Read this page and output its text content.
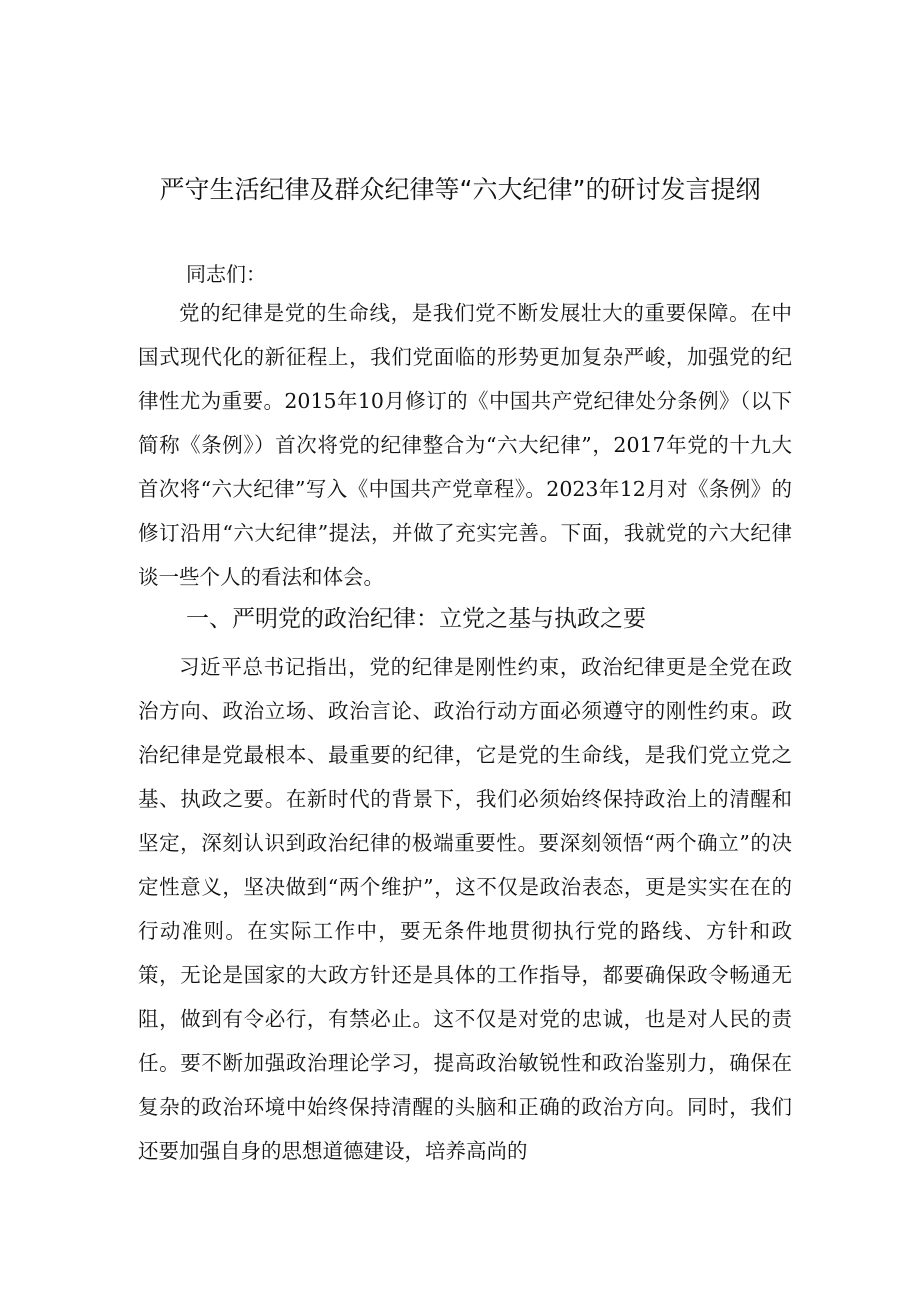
严守生活纪律及群众纪律等“六大纪律”的研讨发言提纲

同志们：

党的纪律是党的生命线，是我们党不断发展壮大的重要保障。在中国式现代化的新征程上，我们党面临的形势更加复杂严峻，加强党的纪律性尤为重要。2015年10月修订的《中国共产党纪律处分条例》（以下简称《条例》）首次将党的纪律整合为“六大纪律”，2017年党的十九大首次将“六大纪律”写入《中国共产党章程》。2023年12月对《条例》的修订沿用“六大纪律”提法，并做了充实完善。下面，我就党的六大纪律谈一些个人的看法和体会。

一、严明党的政治纪律：立党之基与执政之要

习近平总书记指出，党的纪律是刚性约束，政治纪律更是全党在政治方向、政治立场、政治言论、政治行动方面必须遵守的刚性约束。政治纪律是党最根本、最重要的纪律，它是党的生命线，是我们党立党之基、执政之要。在新时代的背景下，我们必须始终保持政治上的清醒和坚定，深刻认识到政治纪律的极端重要性。要深刻领悟“两个确立”的决定性意义，坚决做到“两个维护”，这不仅是政治表态，更是实实在在的行动准则。在实际工作中，要无条件地贯彻执行党的路线、方针和政策，无论是国家的大政方针还是具体的工作指导，都要确保政令畅通无阻，做到有令必行，有禁必止。这不仅是对党的忠诚，也是对人民的责任。要不断加强政治理论学习，提高政治敏锐性和政治鉴别力，确保在复杂的政治环境中始终保持清醒的头脑和正确的政治方向。同时，我们还要加强自身的思想道德建设，培养高尚的
